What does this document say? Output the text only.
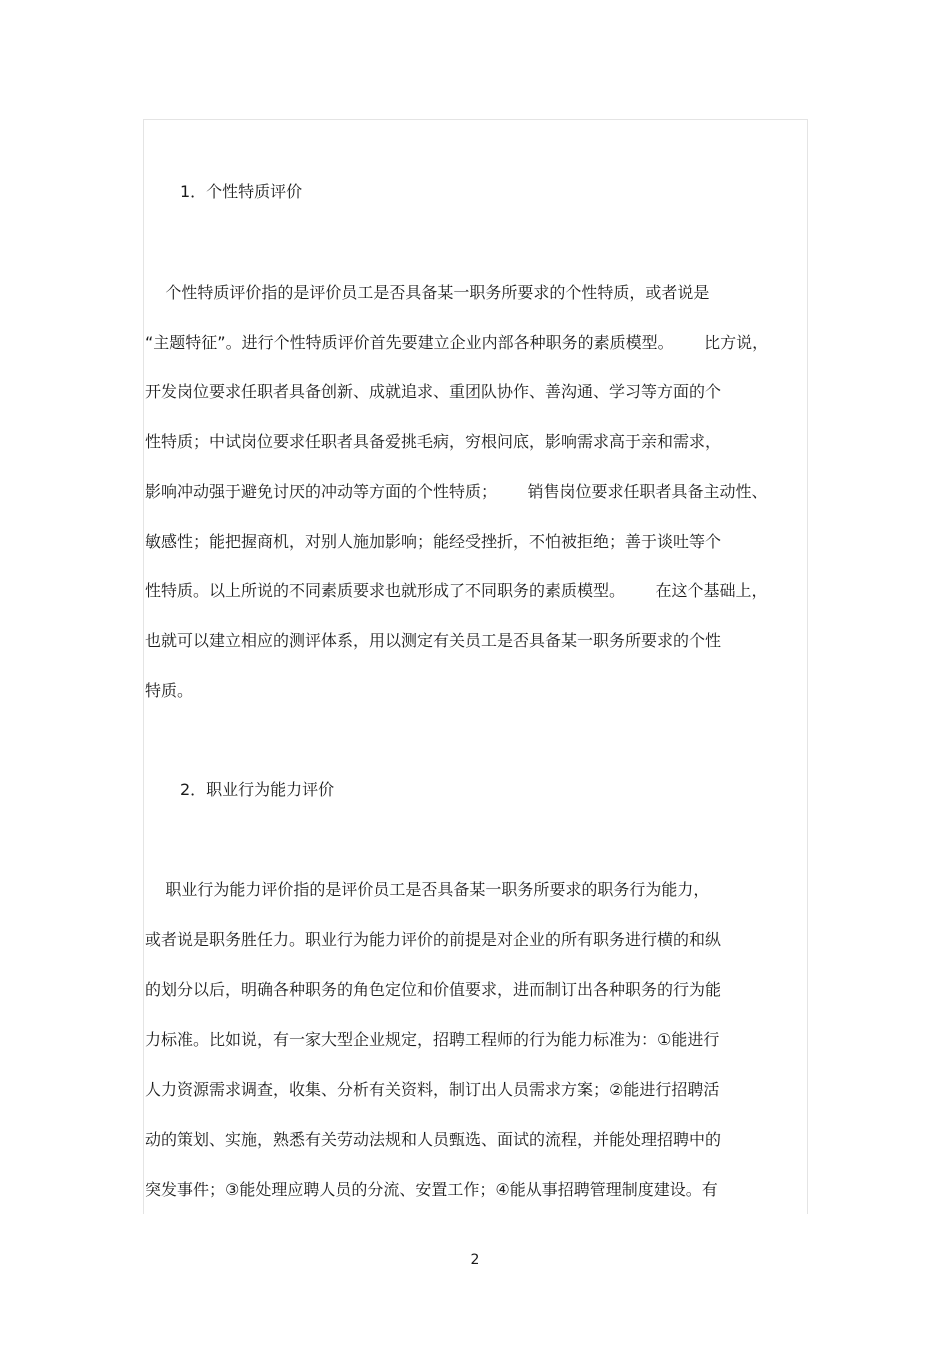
1．个性特质评价

个性特质评价指的是评价员工是否具备某一职务所要求的个性特质，或者说是

“主题特征”。进行个性特质评价首先要建立企业内部各种职务的素质模型。      比方说，

开发岗位要求任职者具备创新、成就追求、重团队协作、善沟通、学习等方面的个

性特质；中试岗位要求任职者具备爱挑毛病，穷根问底，影响需求高于亲和需求，

影响冲动强于避免讨厌的冲动等方面的个性特质；      销售岗位要求任职者具备主动性、

敏感性；能把握商机，对别人施加影响；能经受挫折，不怕被拒绝；善于谈吐等个

性特质。以上所说的不同素质要求也就形成了不同职务的素质模型。      在这个基础上，

也就可以建立相应的测评体系，用以测定有关员工是否具备某一职务所要求的个性

特质。

2．职业行为能力评价

职业行为能力评价指的是评价员工是否具备某一职务所要求的职务行为能力，

或者说是职务胜任力。职业行为能力评价的前提是对企业的所有职务进行横的和纵

的划分以后，明确各种职务的角色定位和价值要求，进而制订出各种职务的行为能

力标准。比如说，有一家大型企业规定，招聘工程师的行为能力标准为：①能进行

人力资源需求调查，收集、分析有关资料，制订出人员需求方案；②能进行招聘活

动的策划、实施，熟悉有关劳动法规和人员甄选、面试的流程，并能处理招聘中的

突发事件；③能处理应聘人员的分流、安置工作；④能从事招聘管理制度建设。有

2
